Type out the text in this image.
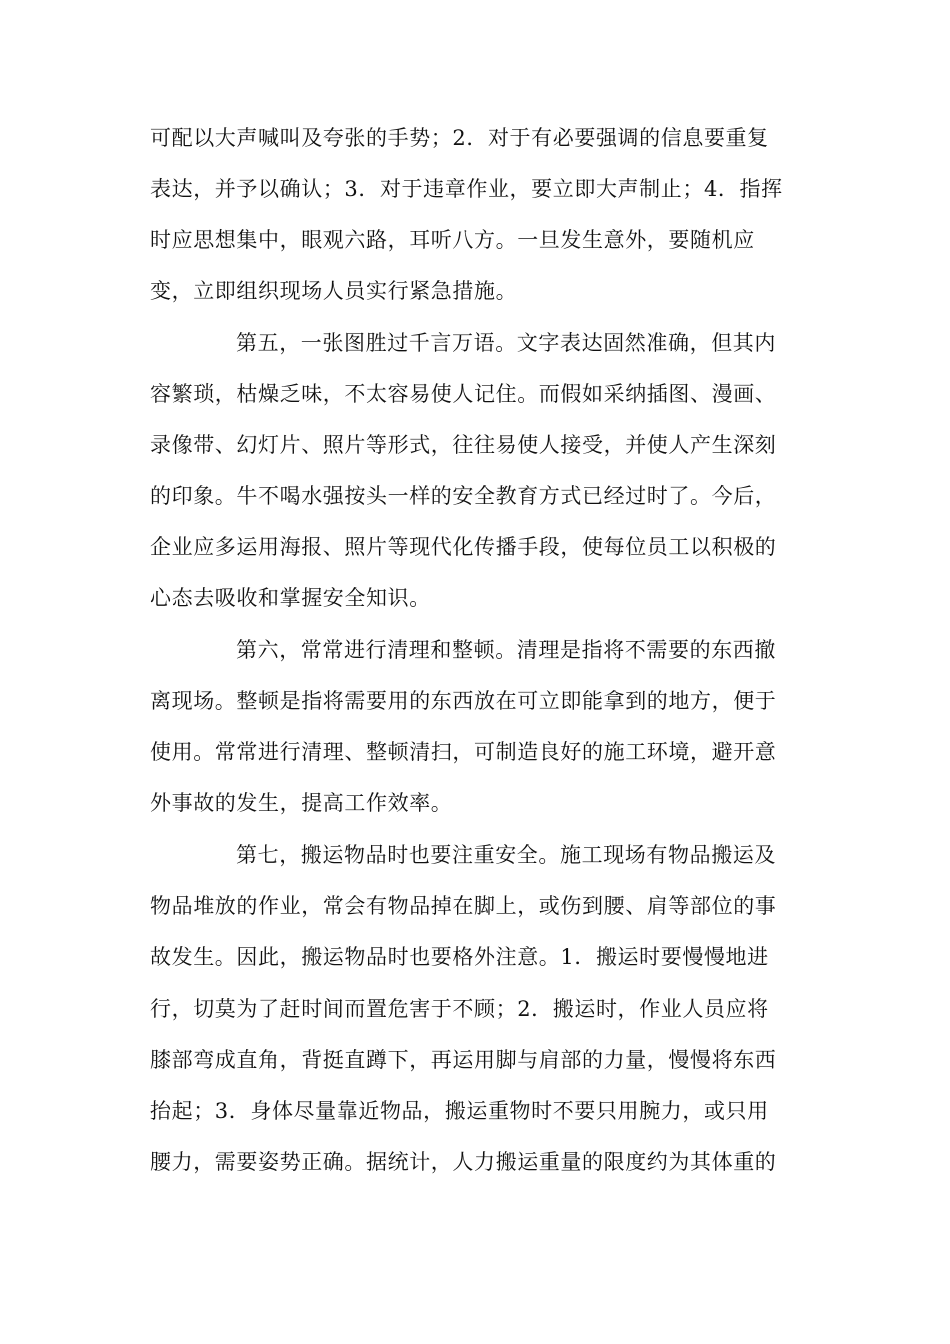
可配以大声喊叫及夸张的手势；2．对于有必要强调的信息要重复
表达，并予以确认；3．对于违章作业，要立即大声制止；4．指挥
时应思想集中，眼观六路，耳听八方。一旦发生意外，要随机应
变，立即组织现场人员实行紧急措施。
第五，一张图胜过千言万语。文字表达固然准确，但其内
容繁琐，枯燥乏味，不太容易使人记住。而假如采纳插图、漫画、
录像带、幻灯片、照片等形式，往往易使人接受，并使人产生深刻
的印象。牛不喝水强按头一样的安全教育方式已经过时了。今后，
企业应多运用海报、照片等现代化传播手段，使每位员工以积极的
心态去吸收和掌握安全知识。
第六，常常进行清理和整顿。清理是指将不需要的东西撤
离现场。整顿是指将需要用的东西放在可立即能拿到的地方，便于
使用。常常进行清理、整顿清扫，可制造良好的施工环境，避开意
外事故的发生，提高工作效率。
第七，搬运物品时也要注重安全。施工现场有物品搬运及
物品堆放的作业，常会有物品掉在脚上，或伤到腰、肩等部位的事
故发生。因此，搬运物品时也要格外注意。1．搬运时要慢慢地进
行，切莫为了赶时间而置危害于不顾；2．搬运时，作业人员应将
膝部弯成直角，背挺直蹲下，再运用脚与肩部的力量，慢慢将东西
抬起；3．身体尽量靠近物品，搬运重物时不要只用腕力，或只用
腰力，需要姿势正确。据统计，人力搬运重量的限度约为其体重的
